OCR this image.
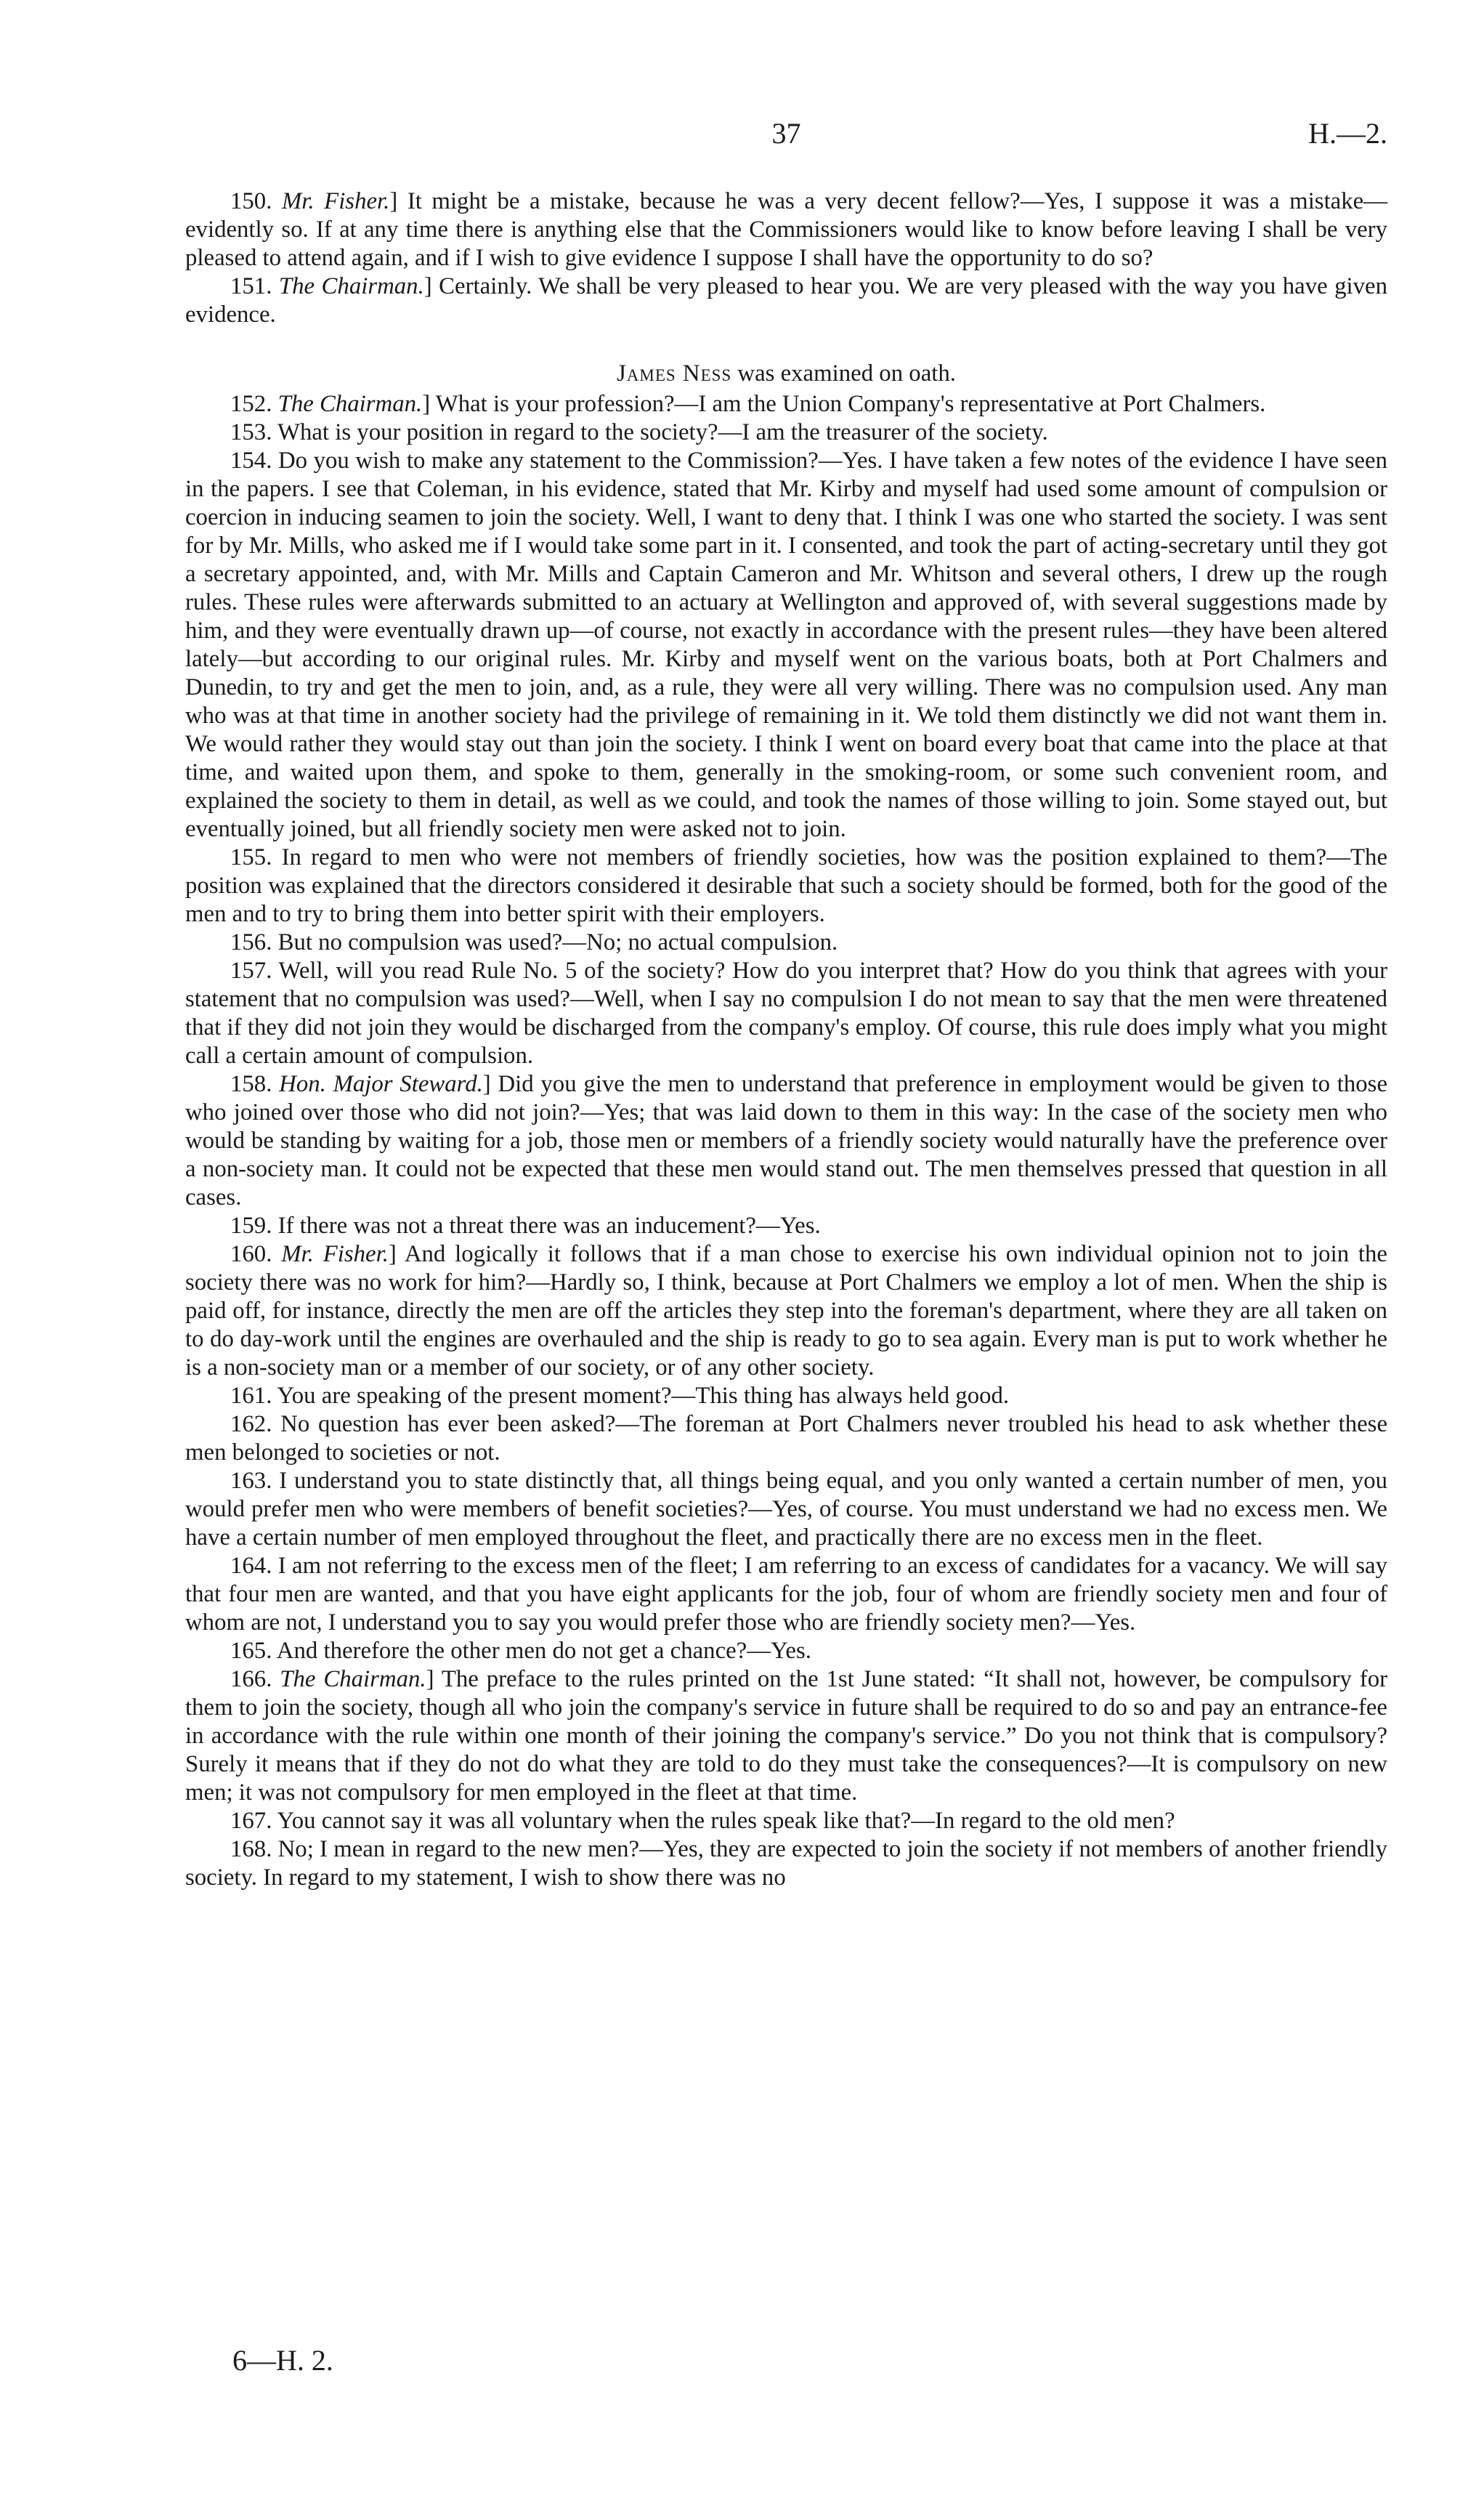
37	H.—2.

150. Mr. Fisher.] It might be a mistake, because he was a very decent fellow?—Yes, I suppose it was a mistake—evidently so. If at any time there is anything else that the Commissioners would like to know before leaving I shall be very pleased to attend again, and if I wish to give evidence I suppose I shall have the opportunity to do so?

151. The Chairman.] Certainly. We shall be very pleased to hear you. We are very pleased with the way you have given evidence.

James Ness was examined on oath.

152. The Chairman.] What is your profession?—I am the Union Company's representative at Port Chalmers.

153. What is your position in regard to the society?—I am the treasurer of the society.

154. Do you wish to make any statement to the Commission?—Yes. I have taken a few notes of the evidence I have seen in the papers. I see that Coleman, in his evidence, stated that Mr. Kirby and myself had used some amount of compulsion or coercion in inducing seamen to join the society. Well, I want to deny that. I think I was one who started the society. I was sent for by Mr. Mills, who asked me if I would take some part in it. I consented, and took the part of acting-secretary until they got a secretary appointed, and, with Mr. Mills and Captain Cameron and Mr. Whitson and several others, I drew up the rough rules. These rules were afterwards submitted to an actuary at Wellington and approved of, with several suggestions made by him, and they were eventually drawn up—of course, not exactly in accordance with the present rules—they have been altered lately—but according to our original rules. Mr. Kirby and myself went on the various boats, both at Port Chalmers and Dunedin, to try and get the men to join, and, as a rule, they were all very willing. There was no compulsion used. Any man who was at that time in another society had the privilege of remaining in it. We told them distinctly we did not want them in. We would rather they would stay out than join the society. I think I went on board every boat that came into the place at that time, and waited upon them, and spoke to them, generally in the smoking-room, or some such convenient room, and explained the society to them in detail, as well as we could, and took the names of those willing to join. Some stayed out, but eventually joined, but all friendly society men were asked not to join.

155. In regard to men who were not members of friendly societies, how was the position explained to them?—The position was explained that the directors considered it desirable that such a society should be formed, both for the good of the men and to try to bring them into better spirit with their employers.

156. But no compulsion was used?—No; no actual compulsion.

157. Well, will you read Rule No. 5 of the society? How do you interpret that? How do you think that agrees with your statement that no compulsion was used?—Well, when I say no compulsion I do not mean to say that the men were threatened that if they did not join they would be discharged from the company's employ. Of course, this rule does imply what you might call a certain amount of compulsion.

158. Hon. Major Steward.] Did you give the men to understand that preference in employment would be given to those who joined over those who did not join?—Yes; that was laid down to them in this way: In the case of the society men who would be standing by waiting for a job, those men or members of a friendly society would naturally have the preference over a non-society man. It could not be expected that these men would stand out. The men themselves pressed that question in all cases.

159. If there was not a threat there was an inducement?—Yes.

160. Mr. Fisher.] And logically it follows that if a man chose to exercise his own individual opinion not to join the society there was no work for him?—Hardly so, I think, because at Port Chalmers we employ a lot of men. When the ship is paid off, for instance, directly the men are off the articles they step into the foreman's department, where they are all taken on to do day-work until the engines are overhauled and the ship is ready to go to sea again. Every man is put to work whether he is a non-society man or a member of our society, or of any other society.

161. You are speaking of the present moment?—This thing has always held good.

162. No question has ever been asked?—The foreman at Port Chalmers never troubled his head to ask whether these men belonged to societies or not.

163. I understand you to state distinctly that, all things being equal, and you only wanted a certain number of men, you would prefer men who were members of benefit societies?—Yes, of course. You must understand we had no excess men. We have a certain number of men employed throughout the fleet, and practically there are no excess men in the fleet.

164. I am not referring to the excess men of the fleet; I am referring to an excess of candidates for a vacancy. We will say that four men are wanted, and that you have eight applicants for the job, four of whom are friendly society men and four of whom are not, I understand you to say you would prefer those who are friendly society men?—Yes.

165. And therefore the other men do not get a chance?—Yes.

166. The Chairman.] The preface to the rules printed on the 1st June stated: “It shall not, however, be compulsory for them to join the society, though all who join the company's service in future shall be required to do so and pay an entrance-fee in accordance with the rule within one month of their joining the company's service.” Do you not think that is compulsory? Surely it means that if they do not do what they are told to do they must take the consequences?—It is compulsory on new men; it was not compulsory for men employed in the fleet at that time.

167. You cannot say it was all voluntary when the rules speak like that?—In regard to the old men?

168. No; I mean in regard to the new men?—Yes, they are expected to join the society if not members of another friendly society. In regard to my statement, I wish to show there was no

6—H. 2.
